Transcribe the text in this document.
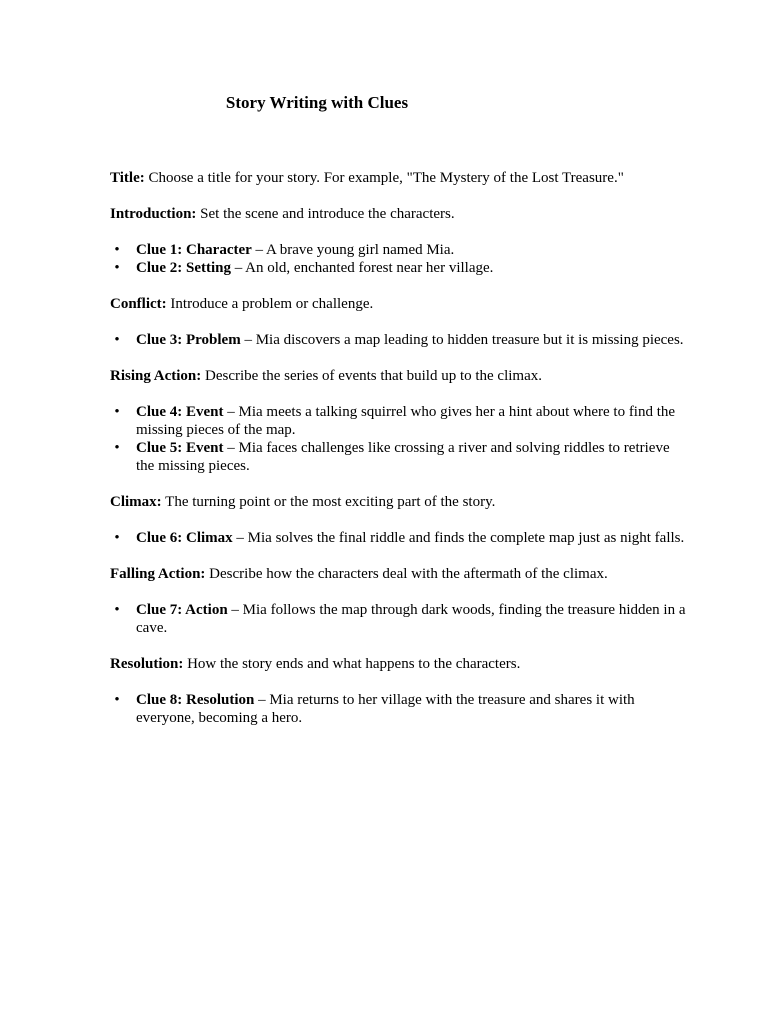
Story Writing with Clues

Title: Choose a title for your story. For example, "The Mystery of the Lost Treasure."

Introduction: Set the scene and introduce the characters.

• Clue 1: Character – A brave young girl named Mia.
• Clue 2: Setting – An old, enchanted forest near her village.

Conflict: Introduce a problem or challenge.

• Clue 3: Problem – Mia discovers a map leading to hidden treasure but it is missing pieces.

Rising Action: Describe the series of events that build up to the climax.

• Clue 4: Event – Mia meets a talking squirrel who gives her a hint about where to find the missing pieces of the map.
• Clue 5: Event – Mia faces challenges like crossing a river and solving riddles to retrieve the missing pieces.

Climax: The turning point or the most exciting part of the story.

• Clue 6: Climax – Mia solves the final riddle and finds the complete map just as night falls.

Falling Action: Describe how the characters deal with the aftermath of the climax.

• Clue 7: Action – Mia follows the map through dark woods, finding the treasure hidden in a cave.

Resolution: How the story ends and what happens to the characters.

• Clue 8: Resolution – Mia returns to her village with the treasure and shares it with everyone, becoming a hero.
